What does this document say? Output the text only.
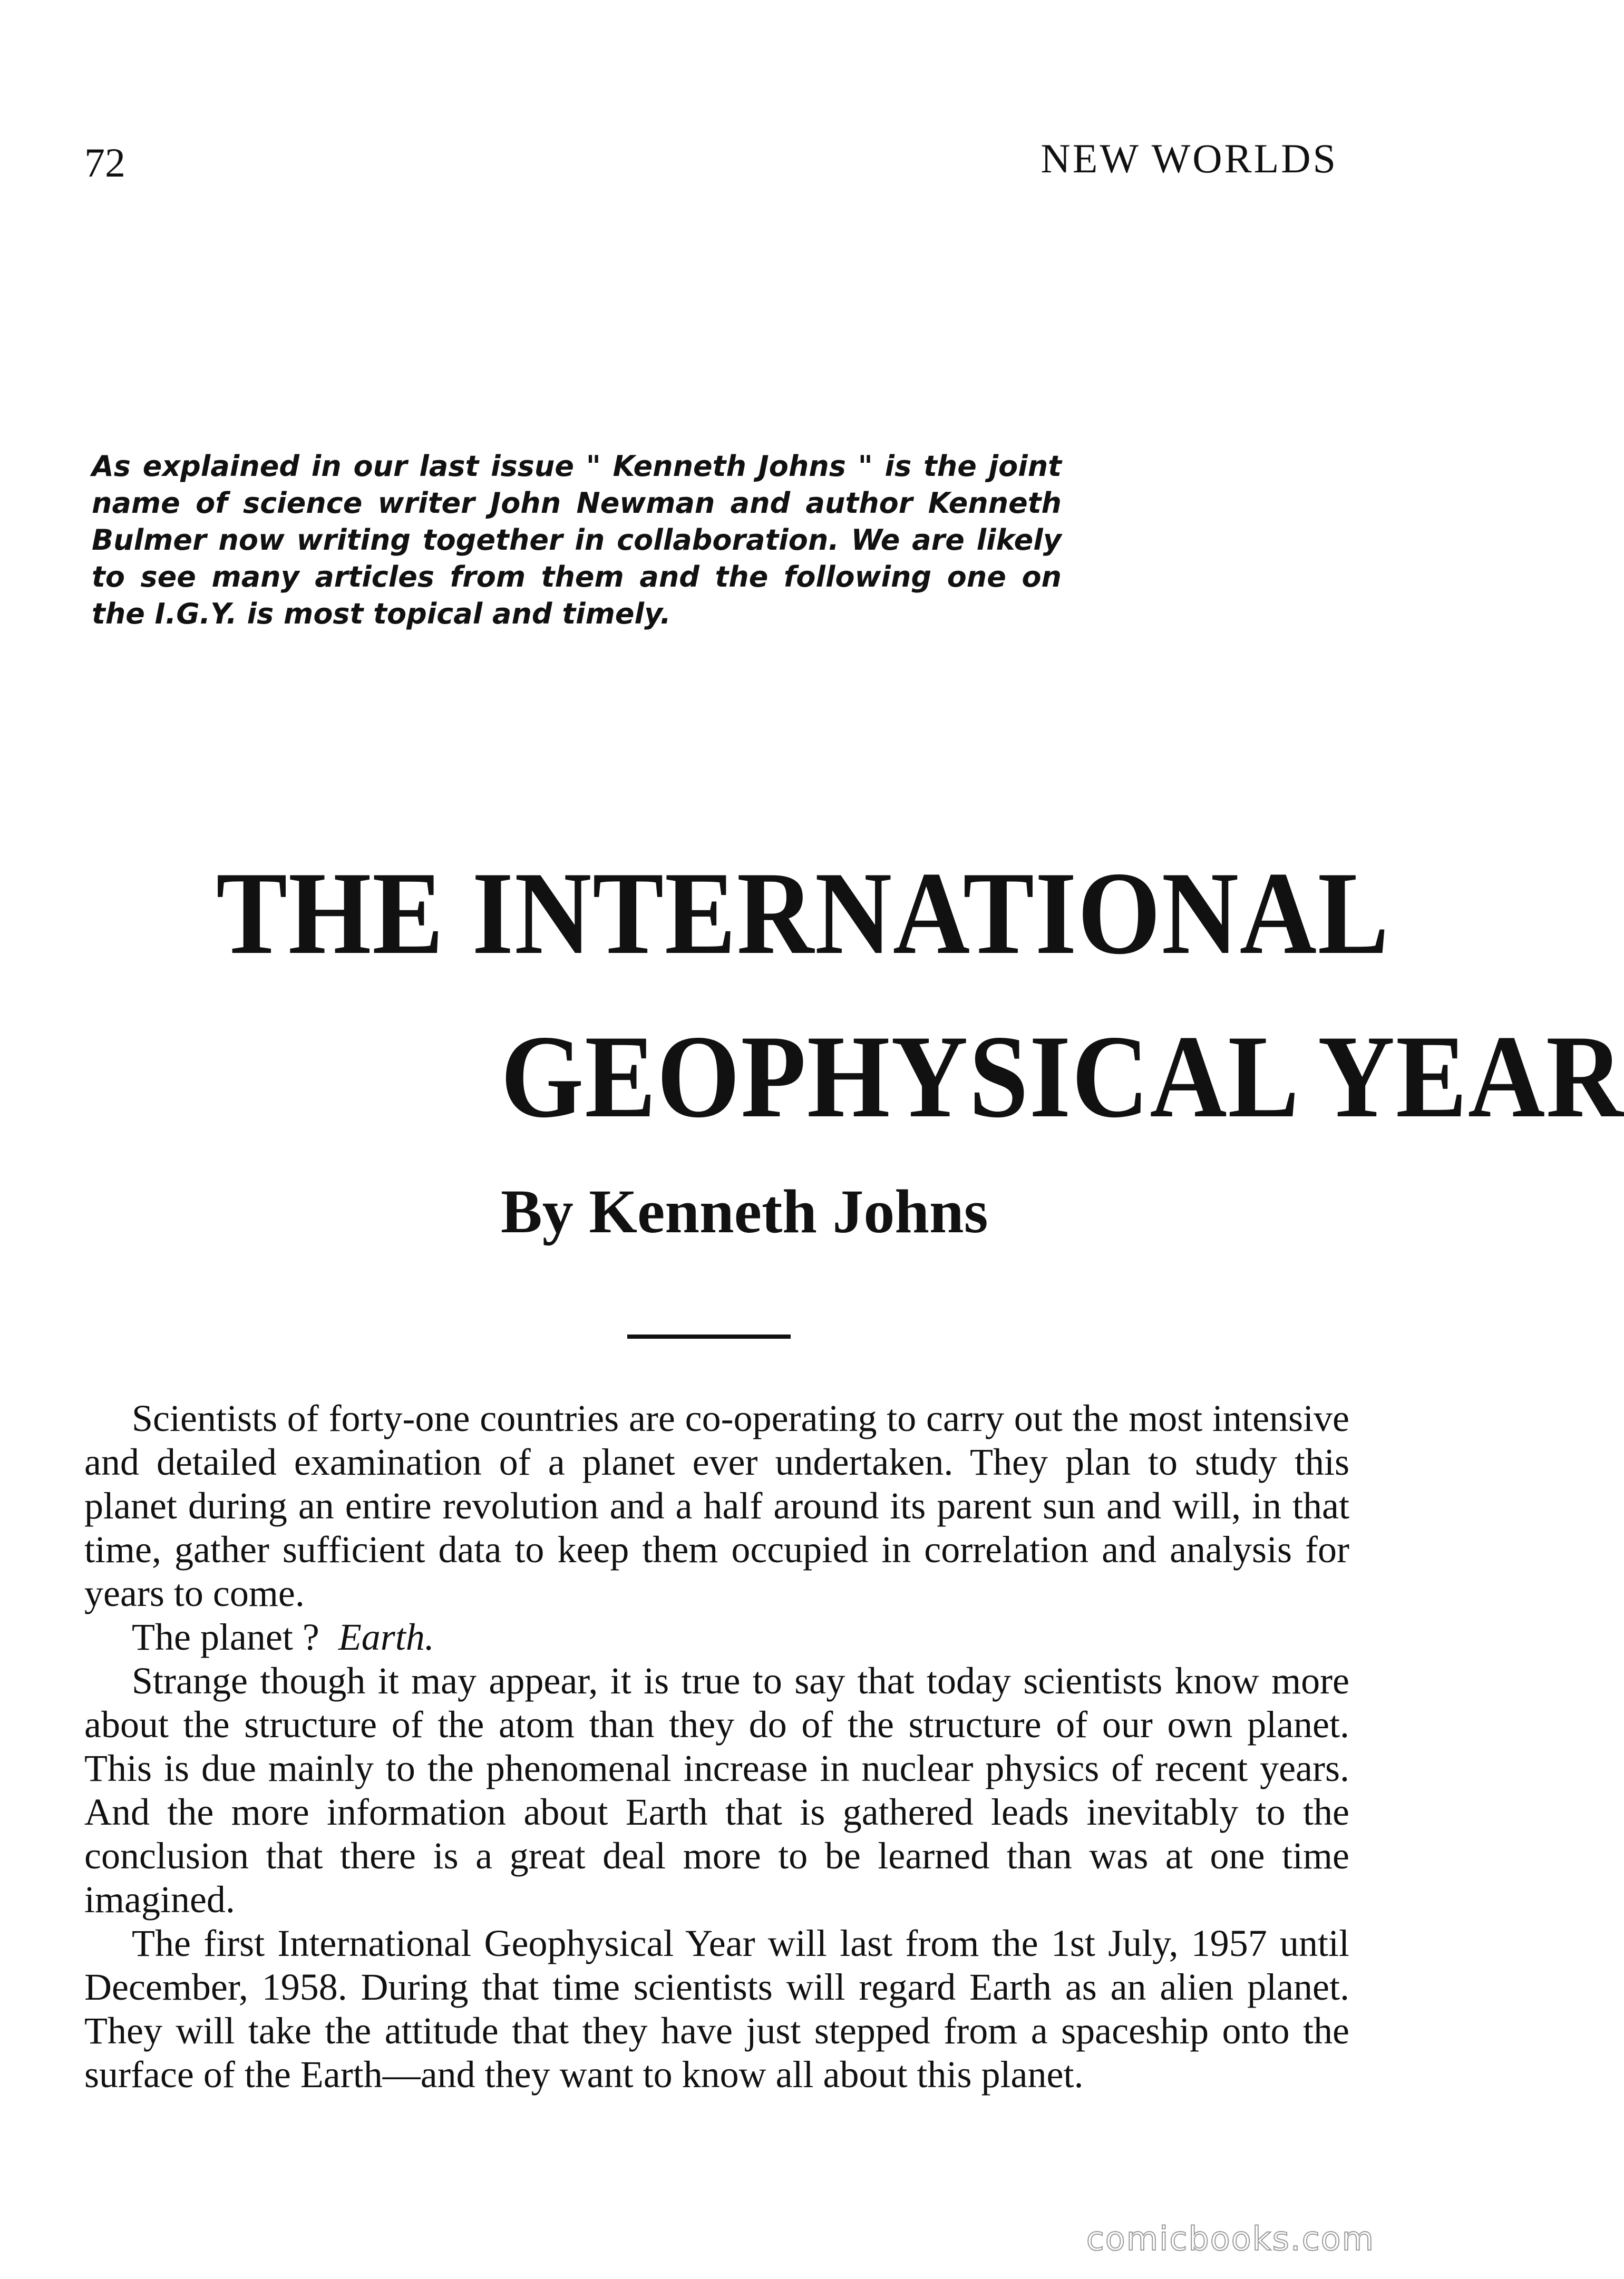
72	NEW WORLDS
As explained in our last issue " Kenneth Johns " is the joint name of science writer John Newman and author Kenneth Bulmer now writing together in collaboration. We are likely to see many articles from them and the following one on the I.G.Y. is most topical and timely.
THE INTERNATIONAL
GEOPHYSICAL YEAR
By Kenneth Johns

Scientists of forty-one countries are co-operating to carry out the most intensive and detailed examination of a planet ever undertaken. They plan to study this planet during an entire revolution and a half around its parent sun and will, in that time, gather sufficient data to keep them occupied in correlation and analysis for years to come.

The planet ? Earth.

Strange though it may appear, it is true to say that today scientists know more about the structure of the atom than they do of the structure of our own planet. This is due mainly to the phenomenal increase in nuclear physics of recent years. And the more information about Earth that is gathered leads inevitably to the conclusion that there is a great deal more to be learned than was at one time imagined.

The first International Geophysical Year will last from the 1st July, 1957 until December, 1958. During that time scientists will regard Earth as an alien planet. They will take the attitude that they have just stepped from a spaceship onto the surface of the Earth—and they want to know all about this planet.

comicbooks.com
